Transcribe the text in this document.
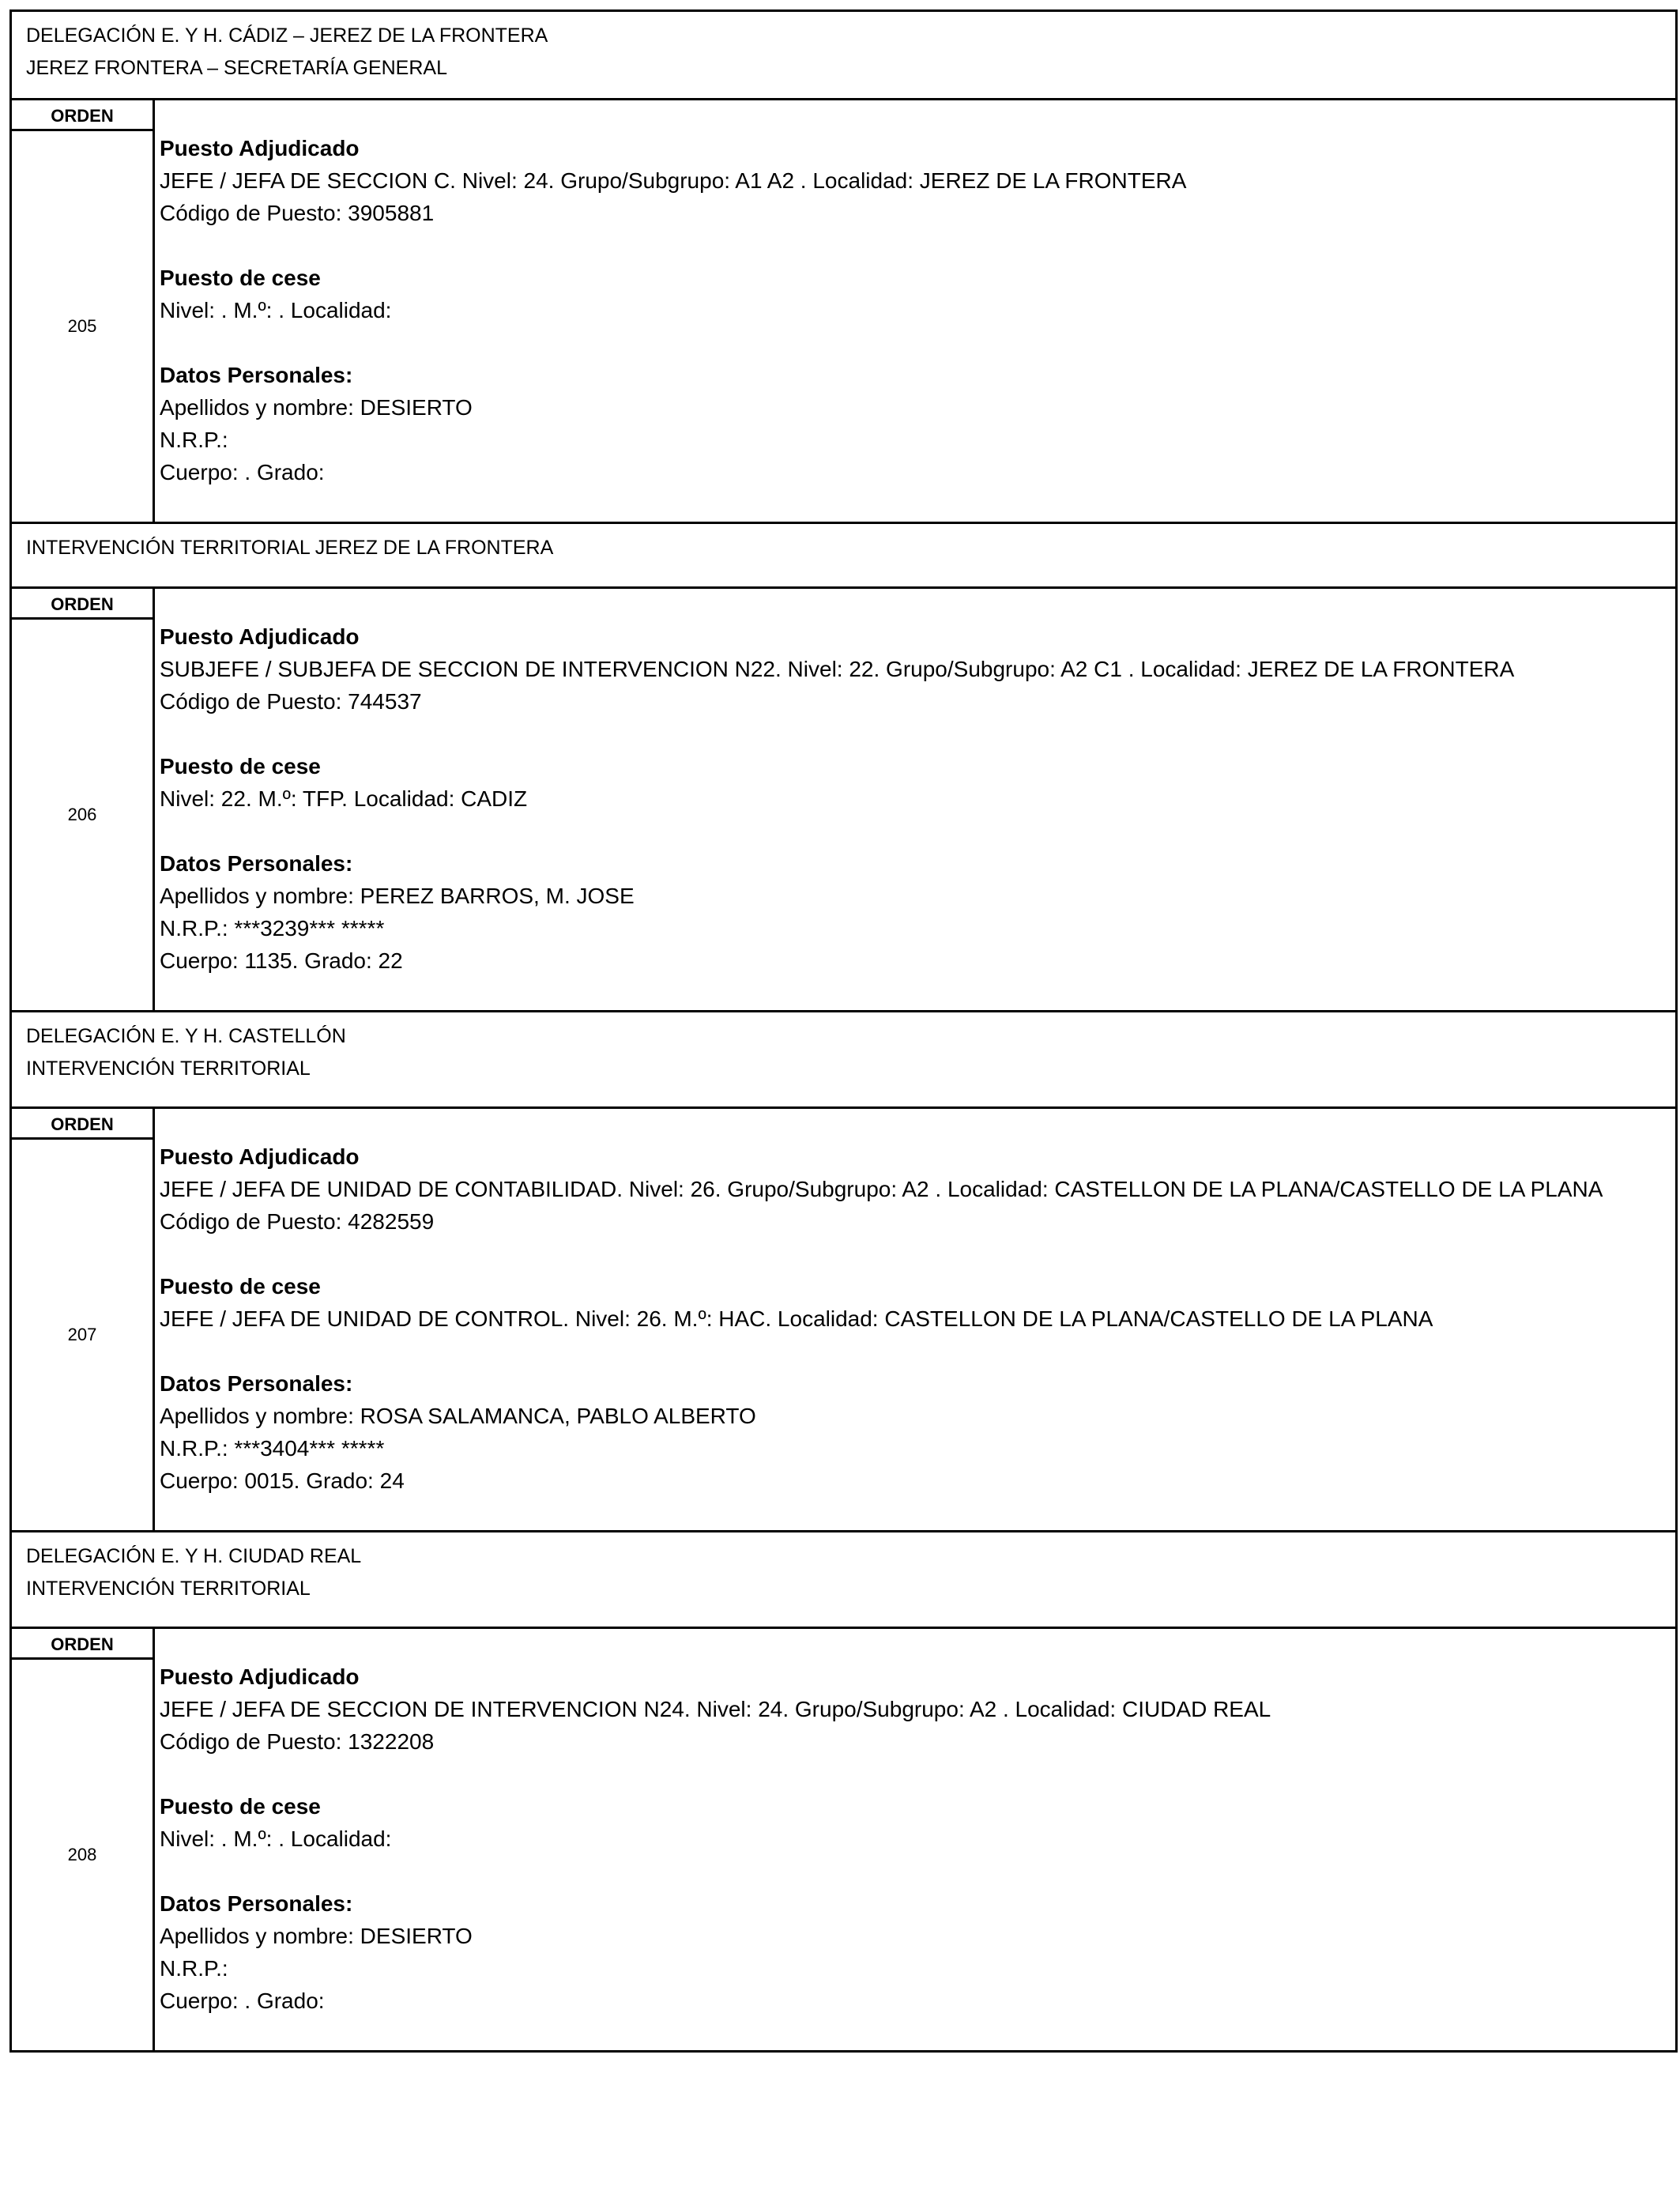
DELEGACIÓN E. Y H. CÁDIZ – JEREZ DE LA FRONTERA
JEREZ FRONTERA – SECRETARÍA GENERAL
ORDEN
205
Puesto Adjudicado
JEFE / JEFA DE SECCION C. Nivel: 24. Grupo/Subgrupo: A1 A2 . Localidad: JEREZ DE LA FRONTERA
Código de Puesto: 3905881
Puesto de cese
Nivel: . M.º: . Localidad:
Datos Personales:
Apellidos y nombre: DESIERTO
N.R.P.:
Cuerpo: . Grado:
INTERVENCIÓN TERRITORIAL JEREZ DE LA FRONTERA
ORDEN
206
Puesto Adjudicado
SUBJEFE / SUBJEFA DE SECCION DE INTERVENCION N22. Nivel: 22. Grupo/Subgrupo: A2 C1 . Localidad: JEREZ DE LA FRONTERA
Código de Puesto: 744537
Puesto de cese
Nivel: 22. M.º: TFP. Localidad: CADIZ
Datos Personales:
Apellidos y nombre: PEREZ BARROS, M. JOSE
N.R.P.: ***3239*** *****
Cuerpo: 1135. Grado: 22
DELEGACIÓN E. Y H. CASTELLÓN
INTERVENCIÓN TERRITORIAL
ORDEN
207
Puesto Adjudicado
JEFE / JEFA DE UNIDAD DE CONTABILIDAD. Nivel: 26. Grupo/Subgrupo: A2 . Localidad: CASTELLON DE LA PLANA/CASTELLO DE LA PLANA
Código de Puesto: 4282559
Puesto de cese
JEFE / JEFA DE UNIDAD DE CONTROL. Nivel: 26. M.º: HAC. Localidad: CASTELLON DE LA PLANA/CASTELLO DE LA PLANA
Datos Personales:
Apellidos y nombre: ROSA SALAMANCA, PABLO ALBERTO
N.R.P.: ***3404*** *****
Cuerpo: 0015. Grado: 24
DELEGACIÓN E. Y H. CIUDAD REAL
INTERVENCIÓN TERRITORIAL
ORDEN
208
Puesto Adjudicado
JEFE / JEFA DE SECCION DE INTERVENCION N24. Nivel: 24. Grupo/Subgrupo: A2 . Localidad: CIUDAD REAL
Código de Puesto: 1322208
Puesto de cese
Nivel: . M.º: . Localidad:
Datos Personales:
Apellidos y nombre: DESIERTO
N.R.P.:
Cuerpo: . Grado:
